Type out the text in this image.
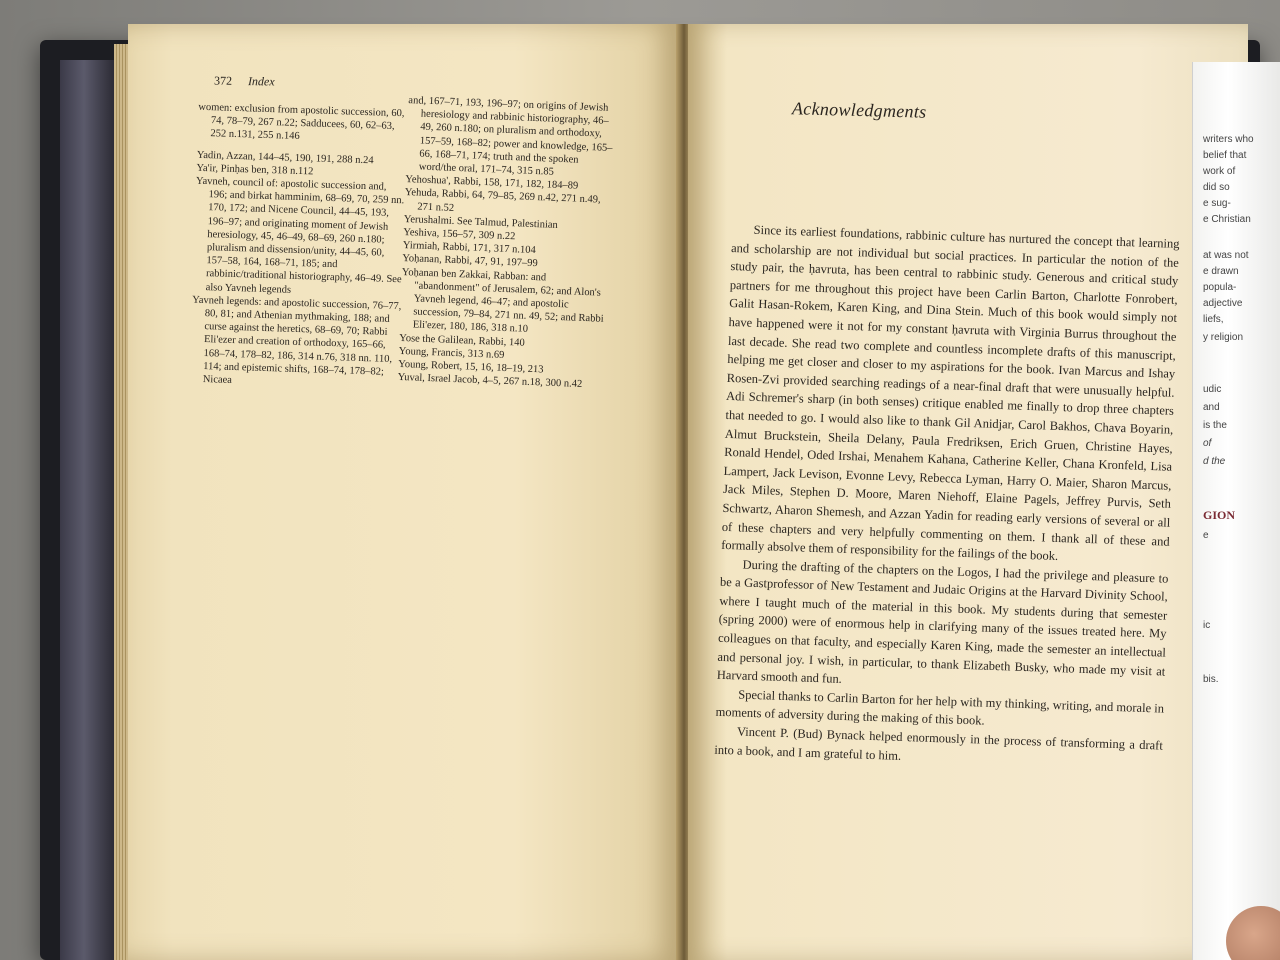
372 Index

women: exclusion from apostolic succession, 60, 74, 78–79, 267 n.22; Sadducees, 60, 62–63, 252 n.131, 255 n.146

Yadin, Azzan, 144–45, 190, 191, 288 n.24

Ya'ir, Pinḥas ben, 318 n.112

Yavneh, council of: apostolic succession and, 196; and birkat hamminim, 68–69, 70, 259 nn. 170, 172; and Nicene Council, 44–45, 193, 196–97; and originating moment of Jewish heresiology, 45, 46–49, 68–69, 260 n.180; pluralism and dissension/unity, 44–45, 60, 157–58, 164, 168–71, 185; and rabbinic/traditional historiography, 46–49. See also Yavneh legends

Yavneh legends: and apostolic succession, 76–77, 80, 81; and Athenian mythmaking, 188; and curse against the heretics, 68–69, 70; Rabbi Eli'ezer and creation of orthodoxy, 165–66, 168–74, 178–82, 186, 314 n.76, 318 nn. 110, 114; and epistemic shifts, 168–74, 178–82; Nicaea

and, 167–71, 193, 196–97; on origins of Jewish heresiology and rabbinic historiography, 46–49, 260 n.180; on pluralism and orthodoxy, 157–59, 168–82; power and knowledge, 165–66, 168–71, 174; truth and the spoken word/the oral, 171–74, 315 n.85

Yehoshua', Rabbi, 158, 171, 182, 184–89

Yehuda, Rabbi, 64, 79–85, 269 n.42, 271 n.49, 271 n.52

Yerushalmi. See Talmud, Palestinian

Yeshiva, 156–57, 309 n.22

Yirmiah, Rabbi, 171, 317 n.104

Yoḥanan, Rabbi, 47, 91, 197–99

Yoḥanan ben Zakkai, Rabban: and "abandonment" of Jerusalem, 62; and Alon's Yavneh legend, 46–47; and apostolic succession, 79–84, 271 nn. 49, 52; and Rabbi Eli'ezer, 180, 186, 318 n.10

Yose the Galilean, Rabbi, 140

Young, Francis, 313 n.69

Young, Robert, 15, 16, 18–19, 213

Yuval, Israel Jacob, 4–5, 267 n.18, 300 n.42

Acknowledgments

Since its earliest foundations, rabbinic culture has nurtured the concept that learning and scholarship are not individual but social practices. In particular the notion of the study pair, the ḥavruta, has been central to rabbinic study. Generous and critical study partners for me throughout this project have been Carlin Barton, Charlotte Fonrobert, Galit Hasan-Rokem, Karen King, and Dina Stein. Much of this book would simply not have happened were it not for my constant ḥavruta with Virginia Burrus throughout the last decade. She read two complete and countless incomplete drafts of this manuscript, helping me get closer and closer to my aspirations for the book. Ivan Marcus and Ishay Rosen-Zvi provided searching readings of a near-final draft that were unusually helpful. Adi Schremer's sharp (in both senses) critique enabled me finally to drop three chapters that needed to go. I would also like to thank Gil Anidjar, Carol Bakhos, Chava Boyarin, Almut Bruckstein, Sheila Delany, Paula Fredriksen, Erich Gruen, Christine Hayes, Ronald Hendel, Oded Irshai, Menahem Kahana, Catherine Keller, Chana Kronfeld, Lisa Lampert, Jack Levison, Evonne Levy, Rebecca Lyman, Harry O. Maier, Sharon Marcus, Jack Miles, Stephen D. Moore, Maren Niehoff, Elaine Pagels, Jeffrey Purvis, Seth Schwartz, Aharon Shemesh, and Azzan Yadin for reading early versions of several or all of these chapters and very helpfully commenting on them. I thank all of these and formally absolve them of responsibility for the failings of the book.

During the drafting of the chapters on the Logos, I had the privilege and pleasure to be a Gastprofessor of New Testament and Judaic Origins at the Harvard Divinity School, where I taught much of the material in this book. My students during that semester (spring 2000) were of enormous help in clarifying many of the issues treated here. My colleagues on that faculty, and especially Karen King, made the semester an intellectual and personal joy. I wish, in particular, to thank Elizabeth Busky, who made my visit at Harvard smooth and fun.

Special thanks to Carlin Barton for her help with my thinking, writing, and morale in moments of adversity during the making of this book.

Vincent P. (Bud) Bynack helped enormously in the process of transforming a draft into a book, and I am grateful to him.

writers who
belief that
work of
did so
e sug-
e Christian
at was not
e drawn
popula-
adjective
liefs,
y religion
udic
and
is the
of
d the
GION
e
ic
bis.
